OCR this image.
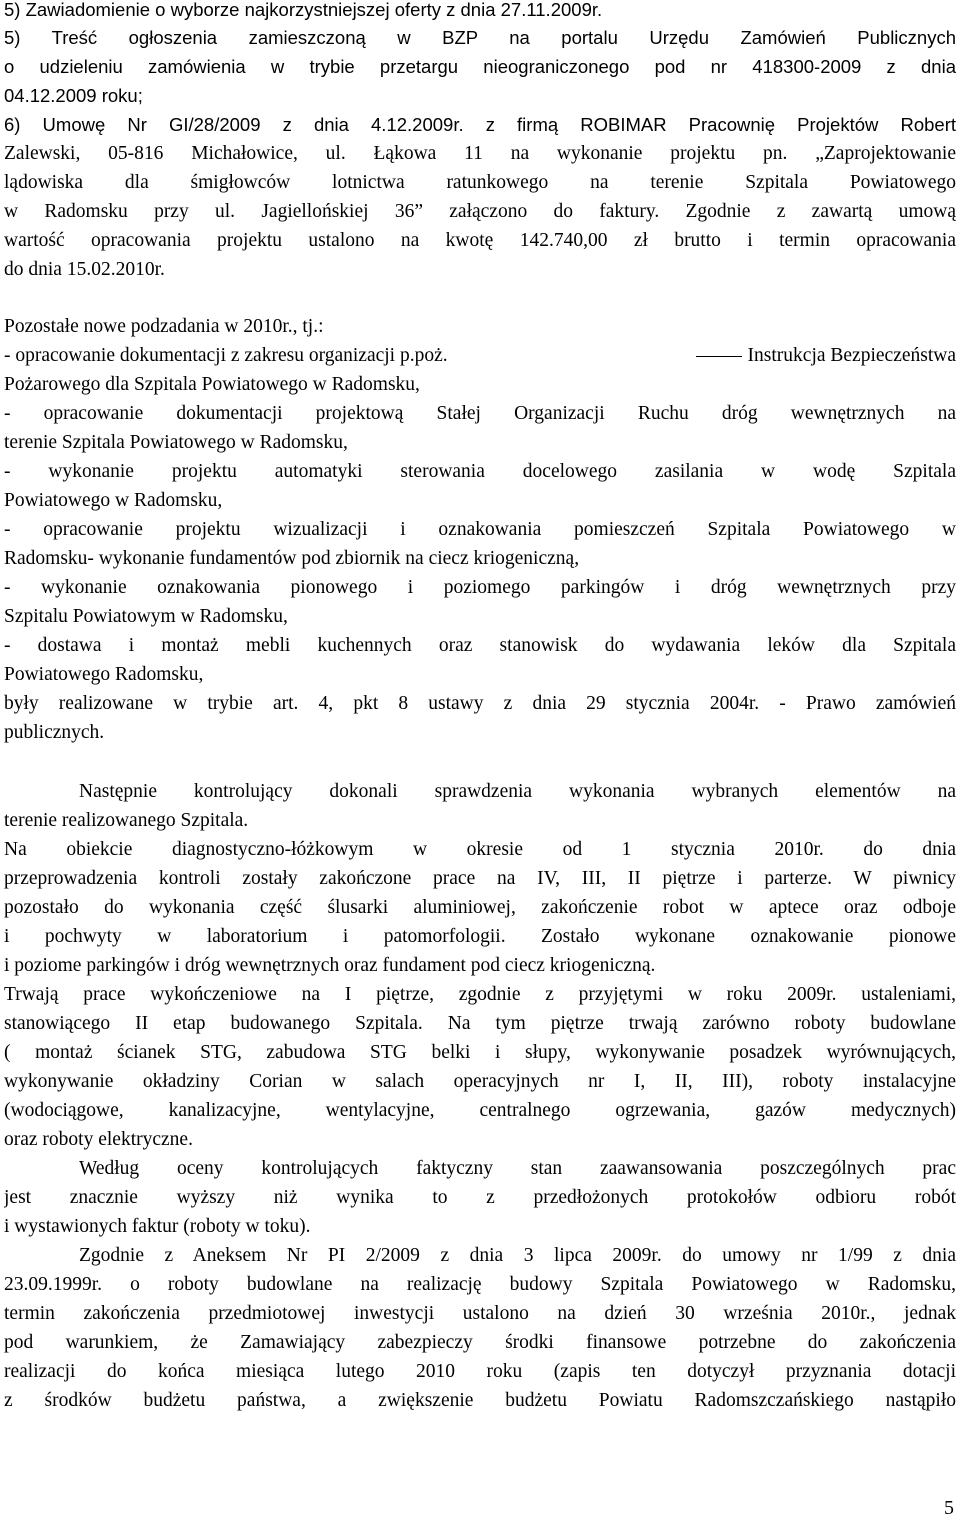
5) Zawiadomienie o wyborze najkorzystniejszej oferty z dnia 27.11.2009r.
5) Treść ogłoszenia zamieszczoną w BZP na portalu Urzędu Zamówień Publicznych
o udzieleniu zamówienia w trybie przetargu nieograniczonego pod nr 418300-2009 z dnia
04.12.2009 roku;
6) Umowę Nr GI/28/2009 z dnia 4.12.2009r. z firmą ROBIMAR Pracownię Projektów Robert
Zalewski, 05-816 Michałowice, ul. Łąkowa 11 na wykonanie projektu pn. „Zaprojektowanie
lądowiska dla śmigłowców lotnictwa ratunkowego na terenie Szpitala Powiatowego
w Radomsku przy ul. Jagiellońskiej 36” załączono do faktury. Zgodnie z zawartą umową
wartość opracowania projektu ustalono na kwotę 142.740,00 zł brutto i termin opracowania
do dnia 15.02.2010r.
Pozostałe nowe podzadania w 2010r., tj.:
- opracowanie dokumentacji z zakresu organizacji p.poż.	Instrukcja Bezpieczeństwa
Pożarowego dla Szpitala Powiatowego w Radomsku,
- opracowanie dokumentacji projektową Stałej Organizacji Ruchu dróg wewnętrznych na
terenie Szpitala Powiatowego w Radomsku,
- wykonanie projektu automatyki sterowania docelowego zasilania w wodę Szpitala
Powiatowego w Radomsku,
- opracowanie projektu wizualizacji i oznakowania pomieszczeń Szpitala Powiatowego w
Radomsku- wykonanie fundamentów pod zbiornik na ciecz kriogeniczną,
- wykonanie oznakowania pionowego i poziomego parkingów i dróg wewnętrznych przy
Szpitalu Powiatowym w Radomsku,
- dostawa i montaż mebli kuchennych oraz stanowisk do wydawania leków dla Szpitala
Powiatowego Radomsku,
były realizowane w trybie art. 4, pkt 8 ustawy z dnia 29 stycznia 2004r. - Prawo zamówień
publicznych.
Następnie kontrolujący dokonali sprawdzenia wykonania wybranych elementów na
terenie realizowanego Szpitala.
Na obiekcie diagnostyczno-łóżkowym w okresie od 1 stycznia 2010r. do dnia
przeprowadzenia kontroli zostały zakończone prace na IV, III, II piętrze i parterze. W piwnicy
pozostało do wykonania część ślusarki aluminiowej, zakończenie robot w aptece oraz odboje
i pochwyty w laboratorium i patomorfologii. Zostało wykonane oznakowanie pionowe
i poziome parkingów i dróg wewnętrznych oraz fundament pod ciecz kriogeniczną.
Trwają prace wykończeniowe na I piętrze, zgodnie z przyjętymi w roku 2009r. ustaleniami,
stanowiącego II etap budowanego Szpitala. Na tym piętrze trwają zarówno roboty budowlane
( montaż ścianek STG, zabudowa STG belki i słupy, wykonywanie posadzek wyrównujących,
wykonywanie okładziny Corian w salach operacyjnych nr I, II, III), roboty instalacyjne
(wodociągowe, kanalizacyjne, wentylacyjne, centralnego ogrzewania, gazów medycznych)
oraz roboty elektryczne.
Według oceny kontrolujących faktyczny stan zaawansowania poszczególnych prac
jest znacznie wyższy niż wynika to z przedłożonych protokołów odbioru robót
i wystawionych faktur (roboty w toku).
Zgodnie z Aneksem Nr PI 2/2009 z dnia 3 lipca 2009r. do umowy nr 1/99 z dnia
23.09.1999r. o roboty budowlane na realizację budowy Szpitala Powiatowego w Radomsku,
termin zakończenia przedmiotowej inwestycji ustalono na dzień 30 września 2010r., jednak
pod warunkiem, że Zamawiający zabezpieczy środki finansowe potrzebne do zakończenia
realizacji do końca miesiąca lutego 2010 roku (zapis ten dotyczył przyznania dotacji
z środków budżetu państwa, a zwiększenie budżetu Powiatu Radomszczańskiego nastąpiło
5
